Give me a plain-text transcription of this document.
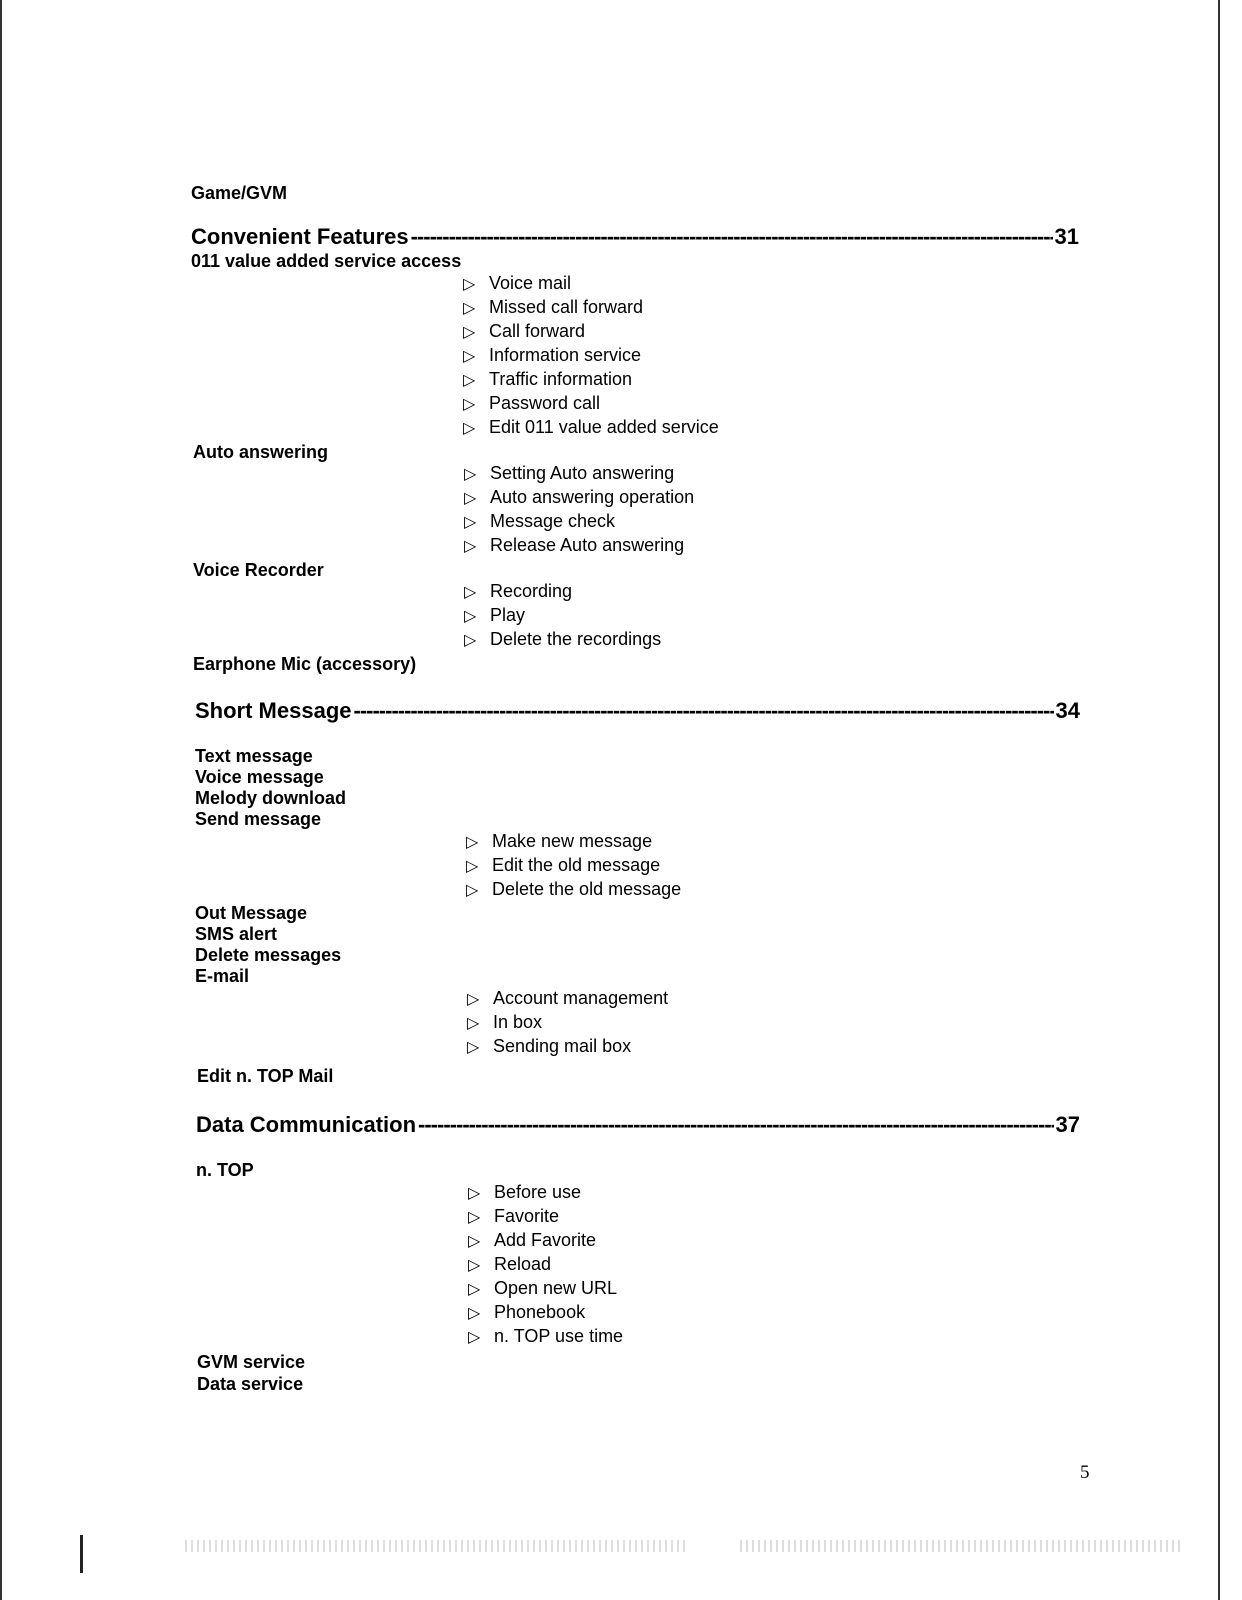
Game/GVM
Convenient Features -----	31
011 value added service access
▷ Voice mail
▷ Missed call forward
▷ Call forward
▷ Information service
▷ Traffic information
▷ Password call
▷ Edit 011 value added service
Auto answering
▷ Setting Auto answering
▷ Auto answering operation
▷ Message check
▷ Release Auto answering
Voice Recorder
▷ Recording
▷ Play
▷ Delete the recordings
Earphone Mic (accessory)
Short Message -----	34
Text message
Voice message
Melody download
Send message
▷ Make new message
▷ Edit the old message
▷ Delete the old message
Out Message
SMS alert
Delete messages
E-mail
▷ Account management
▷ In box
▷ Sending mail box
Edit n. TOP Mail
Data Communication -----	37
n. TOP
▷ Before use
▷ Favorite
▷ Add Favorite
▷ Reload
▷ Open new URL
▷ Phonebook
▷ n. TOP use time
GVM service
Data service
5
